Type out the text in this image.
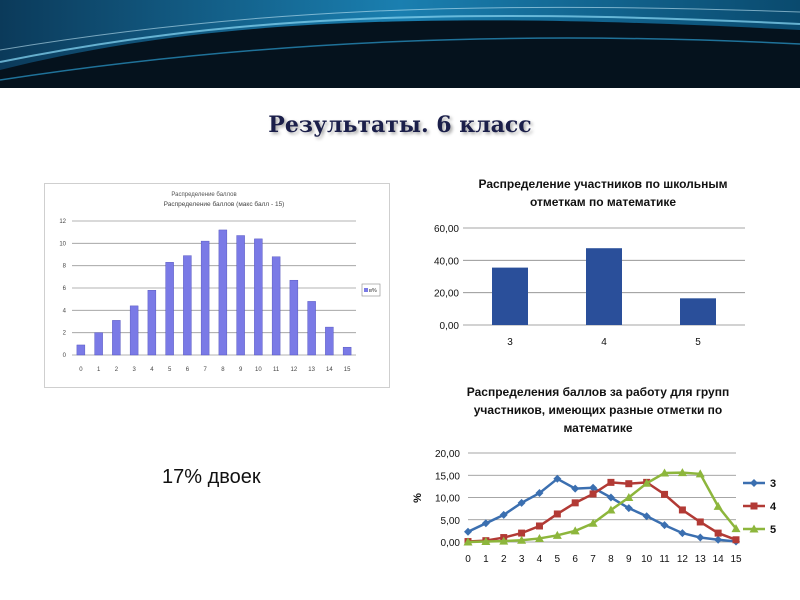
Результаты. 6 класс
Распределение баллов
Распределение баллов (макс балл - 15)
0
2
4
6
8
10
12
0 1 2 3 4 5 6 7 8 9 10 11 12 13 14 15
в%
Распределение участников по школьным
отметкам по математике
0,00
20,00
40,00
60,00
3	4	5
Распределения баллов за работу для групп
участников, имеющих разные отметки по
математике
0,00
5,00
10,00
15,00
20,00
0 1 2 3 4 5 6 7 8 9 10 11 12 13 14 15
%
3
4
5
17% двоек
